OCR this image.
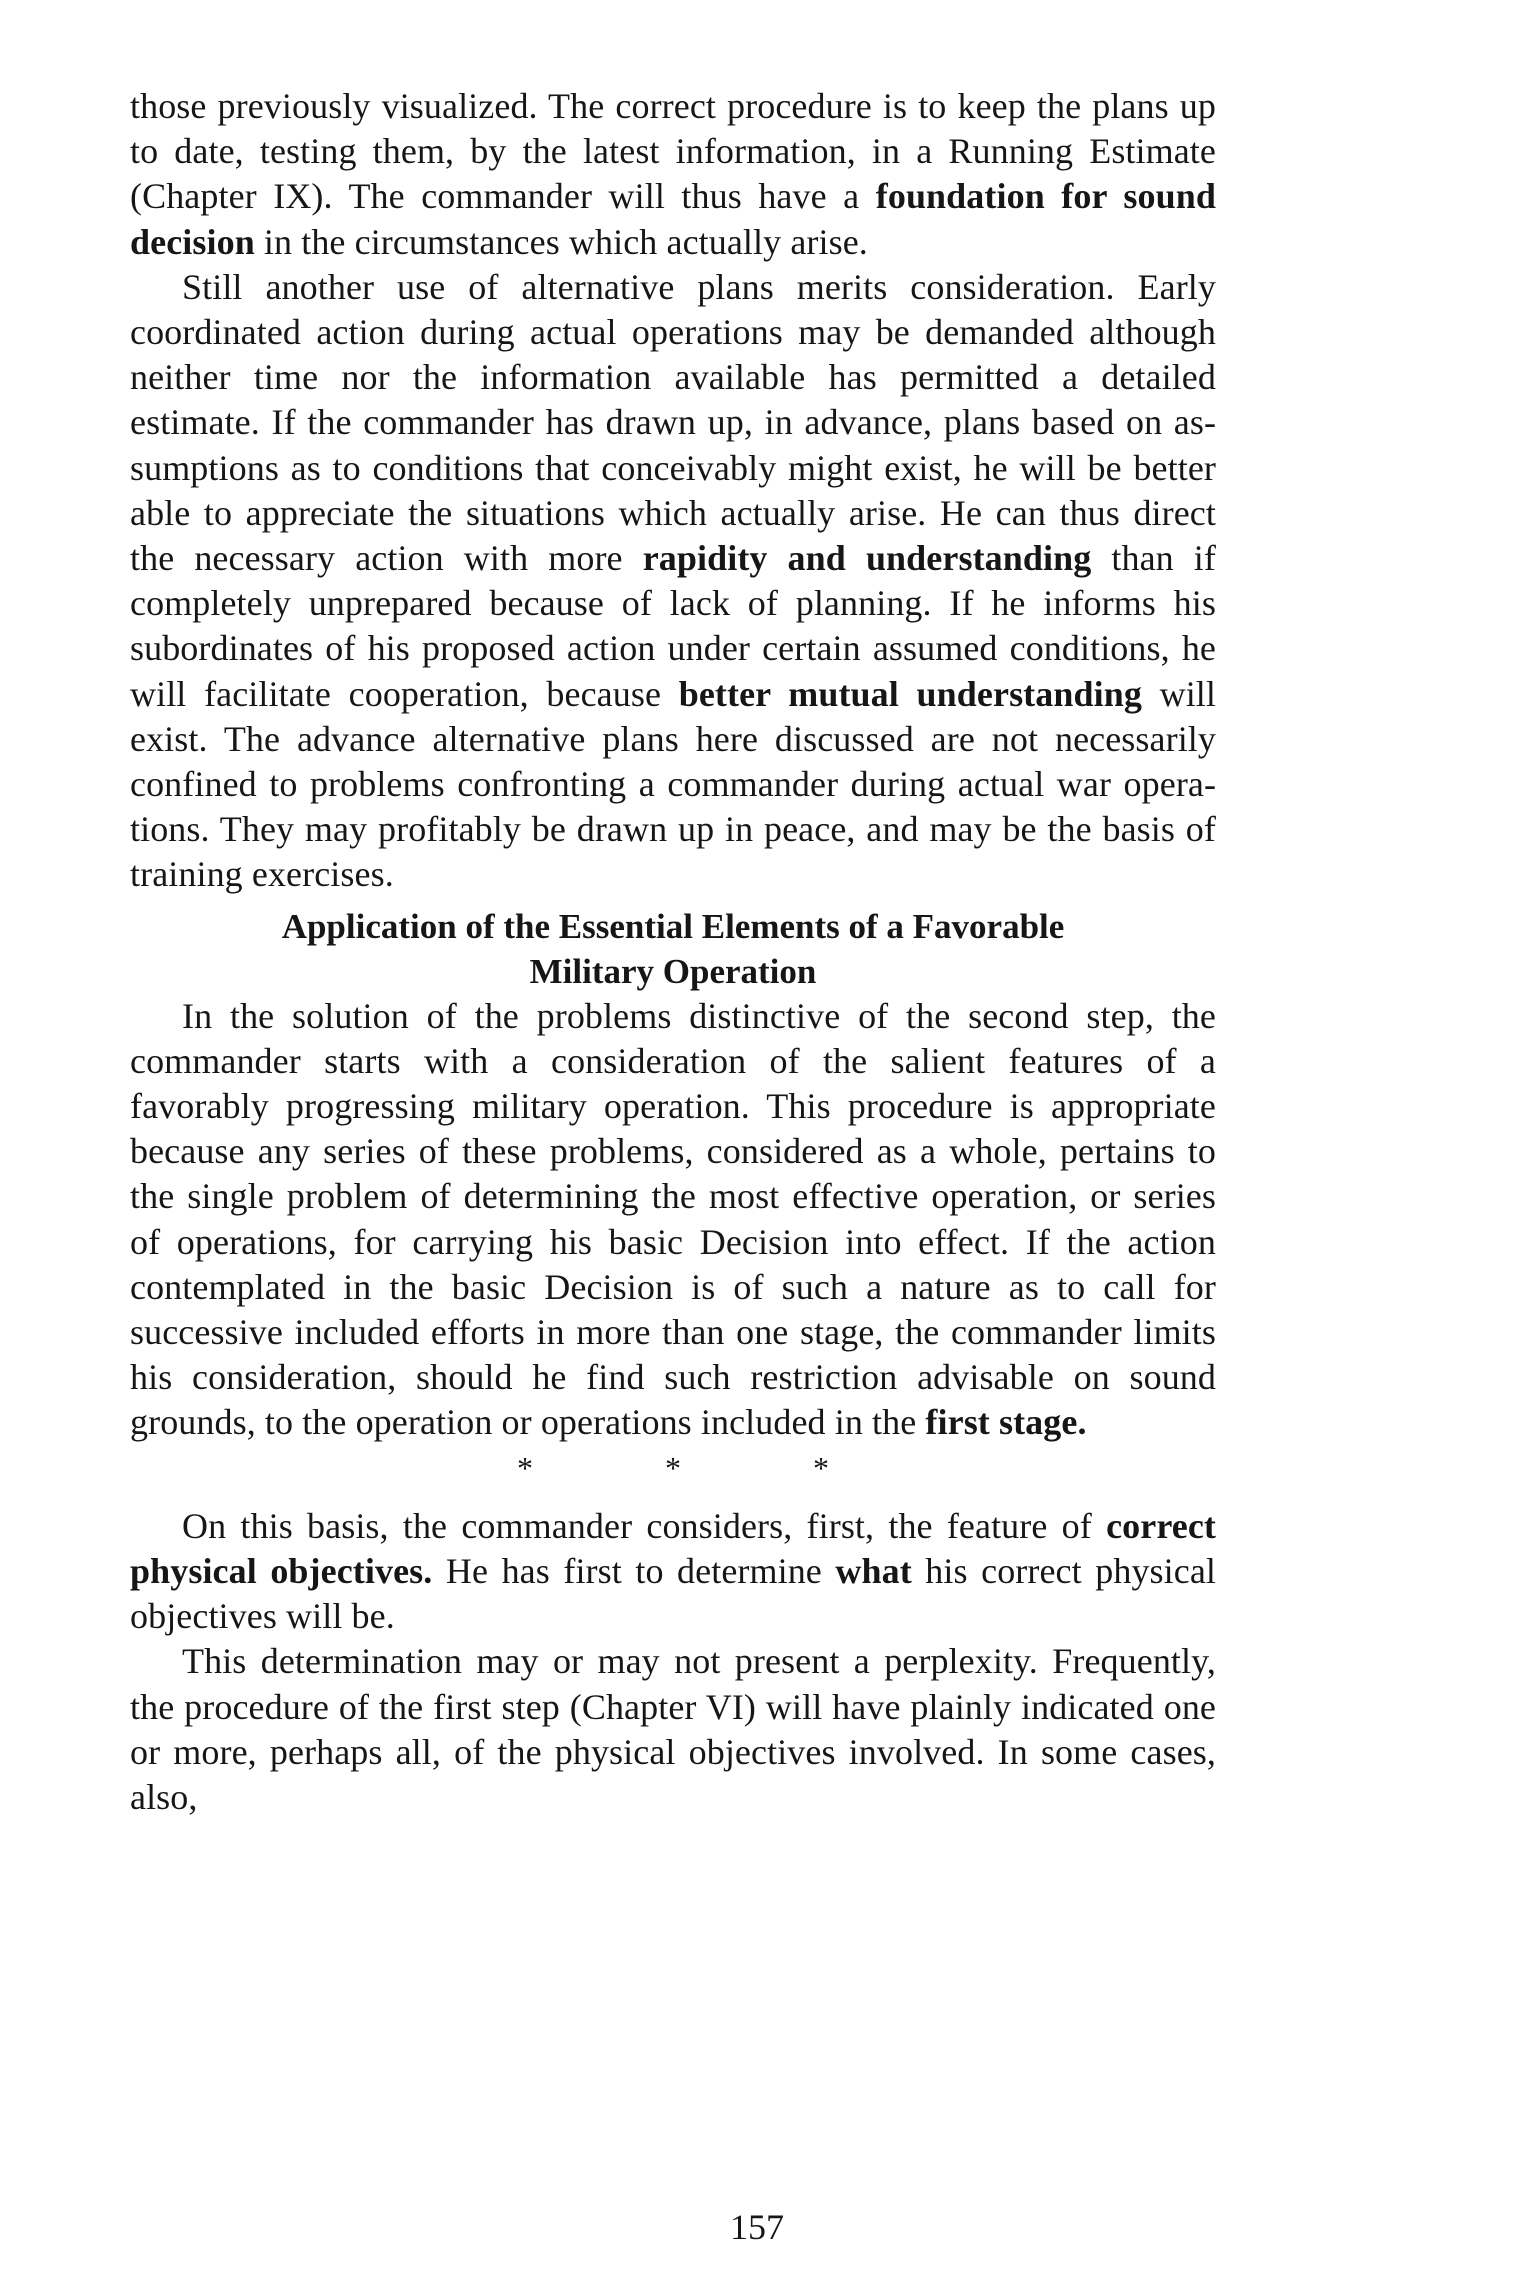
those previously visualized. The correct procedure is to keep the plans up to date, testing them, by the latest information, in a Running Estimate (Chapter IX). The commander will thus have a foundation for sound decision in the circumstances which actually arise.

Still another use of alternative plans merits consideration. Early coordinated action during actual operations may be demanded although neither time nor the information available has permitted a detailed estimate. If the commander has drawn up, in advance, plans based on assumptions as to conditions that conceivably might exist, he will be better able to appreciate the situations which actually arise. He can thus direct the necessary action with more rapidity and understanding than if completely unprepared because of lack of planning. If he informs his subordinates of his proposed action under certain assumed conditions, he will facilitate cooperation, because better mutual understanding will exist. The advance alternative plans here discussed are not necessarily confined to problems confronting a commander during actual war operations. They may profitably be drawn up in peace, and may be the basis of training exercises.

Application of the Essential Elements of a Favorable
Military Operation

In the solution of the problems distinctive of the second step, the commander starts with a consideration of the salient features of a favorably progressing military operation. This procedure is appropriate because any series of these problems, considered as a whole, pertains to the single problem of determining the most effective operation, or series of operations, for carrying his basic Decision into effect. If the action contemplated in the basic Decision is of such a nature as to call for successive included efforts in more than one stage, the commander limits his consideration, should he find such restriction advisable on sound grounds, to the operation or operations included in the first stage.

* * *

On this basis, the commander considers, first, the feature of correct physical objectives. He has first to determine what his correct physical objectives will be.

This determination may or may not present a perplexity. Frequently, the procedure of the first step (Chapter VI) will have plainly indicated one or more, perhaps all, of the physical objectives involved. In some cases, also,

157
